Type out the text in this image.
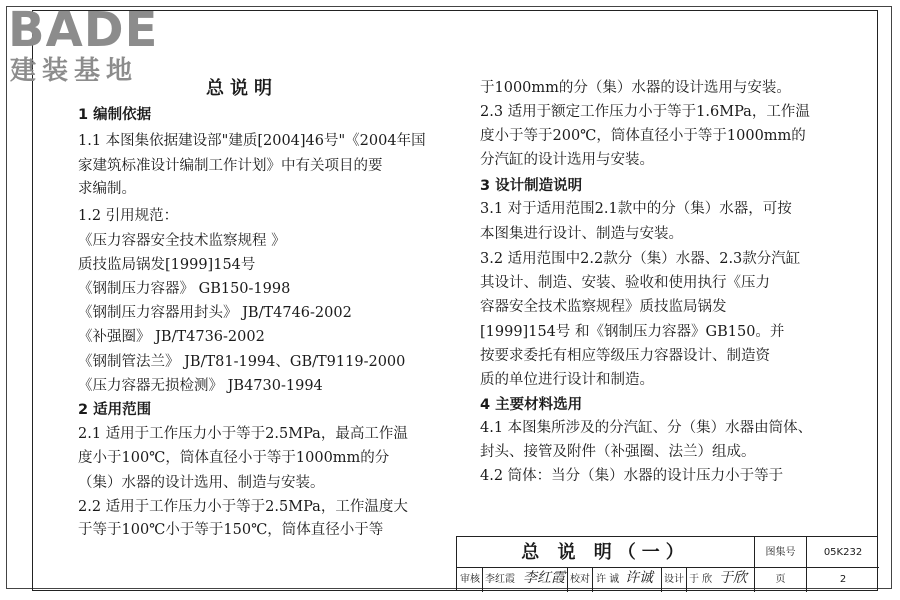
BADE
建装基地
总说明
1 编制依据
1.1 本图集依据建设部"建质[2004]46号"《2004年国
家建筑标准设计编制工作计划》中有关项目的要
求编制。
1.2 引用规范：
《压力容器安全技术监察规程 》
质技监局锅发[1999]154号
《钢制压力容器》 GB150-1998
《钢制压力容器用封头》 JB/T4746-2002
《补强圈》 JB/T4736-2002
《钢制管法兰》 JB/T81-1994、GB/T9119-2000
《压力容器无损检测》 JB4730-1994
2 适用范围
2.1 适用于工作压力小于等于2.5MPa，最高工作温
度小于100℃，筒体直径小于等于1000mm的分
（集）水器的设计选用、制造与安装。
2.2 适用于工作压力小于等于2.5MPa，工作温度大
于等于100℃小于等于150℃，筒体直径小于等
于1000mm的分（集）水器的设计选用与安装。
2.3 适用于额定工作压力小于等于1.6MPa，工作温
度小于等于200℃，筒体直径小于等于1000mm的
分汽缸的设计选用与安装。
3 设计制造说明
3.1 对于适用范围2.1款中的分（集）水器，可按
本图集进行设计、制造与安装。
3.2 适用范围中2.2款分（集）水器、2.3款分汽缸
其设计、制造、安装、验收和使用执行《压力
容器安全技术监察规程》质技监局锅发
[1999]154号 和《钢制压力容器》GB150。并
按要求委托有相应等级压力容器设计、制造资
质的单位进行设计和制造。
4 主要材料选用
4.1 本图集所涉及的分汽缸、分（集）水器由筒体、
封头、接管及附件（补强圈、法兰）组成。
4.2 筒体：当分（集）水器的设计压力小于等于
总 说 明（一）	图集号	05K232
审核 李红霞 李红霞 校对 许 诚 许诚 设计 于 欣 于欣	页	2
